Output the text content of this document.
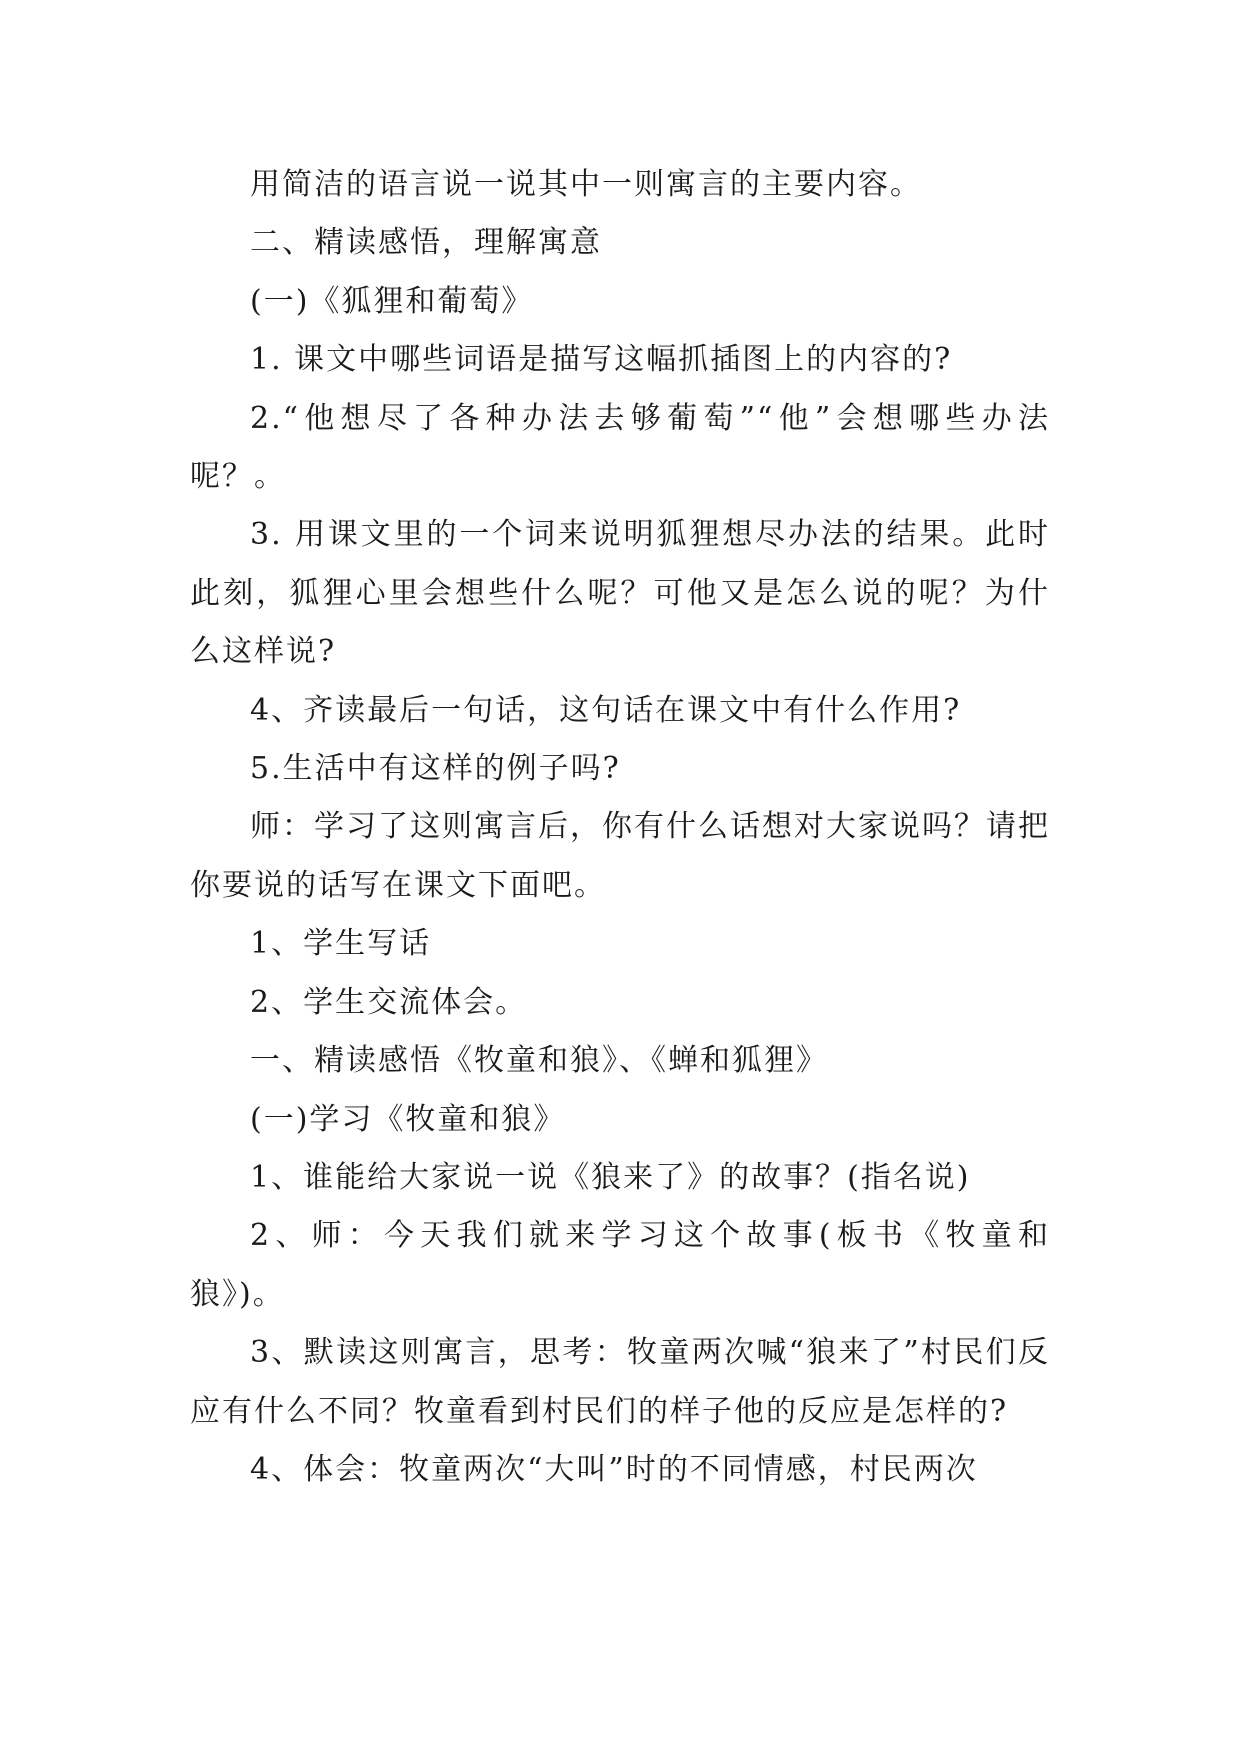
用简洁的语言说一说其中一则寓言的主要内容。

二、精读感悟，理解寓意

(一)《狐狸和葡萄》

1. 课文中哪些词语是描写这幅抓插图上的内容的?

2.“他想尽了各种办法去够葡萄”“他”会想哪些办法呢？。

3. 用课文里的一个词来说明狐狸想尽办法的结果。此时此刻，狐狸心里会想些什么呢？可他又是怎么说的呢？为什么这样说?

4、齐读最后一句话，这句话在课文中有什么作用?

5.生活中有这样的例子吗?

师：学习了这则寓言后，你有什么话想对大家说吗？请把你要说的话写在课文下面吧。

1、学生写话

2、学生交流体会。

一、精读感悟《牧童和狼》、《蝉和狐狸》

(一)学习《牧童和狼》

1、谁能给大家说一说《狼来了》的故事？(指名说)

2、师：今天我们就来学习这个故事(板书《牧童和狼》)。

3、默读这则寓言，思考：牧童两次喊“狼来了”村民们反应有什么不同？牧童看到村民们的样子他的反应是怎样的?

4、体会：牧童两次“大叫”时的不同情感，村民两次
